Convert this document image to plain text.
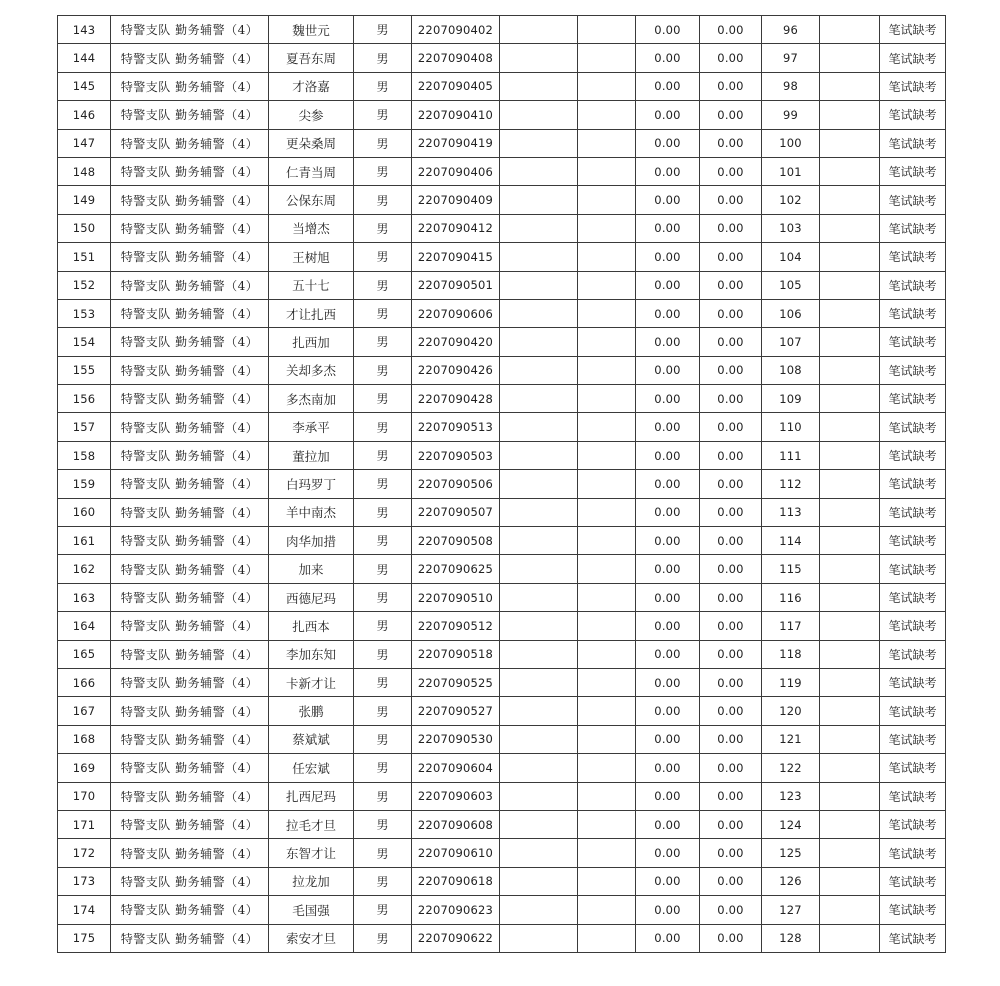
143	特警支队 勤务辅警（4）	魏世元	男	2207090402			0.00	0.00	96		笔试缺考
144	特警支队 勤务辅警（4）	夏吾东周	男	2207090408			0.00	0.00	97		笔试缺考
145	特警支队 勤务辅警（4）	才洛嘉	男	2207090405			0.00	0.00	98		笔试缺考
146	特警支队 勤务辅警（4）	尖参	男	2207090410			0.00	0.00	99		笔试缺考
147	特警支队 勤务辅警（4）	更朵桑周	男	2207090419			0.00	0.00	100		笔试缺考
148	特警支队 勤务辅警（4）	仁青当周	男	2207090406			0.00	0.00	101		笔试缺考
149	特警支队 勤务辅警（4）	公保东周	男	2207090409			0.00	0.00	102		笔试缺考
150	特警支队 勤务辅警（4）	当增杰	男	2207090412			0.00	0.00	103		笔试缺考
151	特警支队 勤务辅警（4）	王树旭	男	2207090415			0.00	0.00	104		笔试缺考
152	特警支队 勤务辅警（4）	五十七	男	2207090501			0.00	0.00	105		笔试缺考
153	特警支队 勤务辅警（4）	才让扎西	男	2207090606			0.00	0.00	106		笔试缺考
154	特警支队 勤务辅警（4）	扎西加	男	2207090420			0.00	0.00	107		笔试缺考
155	特警支队 勤务辅警（4）	关却多杰	男	2207090426			0.00	0.00	108		笔试缺考
156	特警支队 勤务辅警（4）	多杰南加	男	2207090428			0.00	0.00	109		笔试缺考
157	特警支队 勤务辅警（4）	李承平	男	2207090513			0.00	0.00	110		笔试缺考
158	特警支队 勤务辅警（4）	董拉加	男	2207090503			0.00	0.00	111		笔试缺考
159	特警支队 勤务辅警（4）	白玛罗丁	男	2207090506			0.00	0.00	112		笔试缺考
160	特警支队 勤务辅警（4）	羊中南杰	男	2207090507			0.00	0.00	113		笔试缺考
161	特警支队 勤务辅警（4）	肉华加措	男	2207090508			0.00	0.00	114		笔试缺考
162	特警支队 勤务辅警（4）	加来	男	2207090625			0.00	0.00	115		笔试缺考
163	特警支队 勤务辅警（4）	西德尼玛	男	2207090510			0.00	0.00	116		笔试缺考
164	特警支队 勤务辅警（4）	扎西本	男	2207090512			0.00	0.00	117		笔试缺考
165	特警支队 勤务辅警（4）	李加东知	男	2207090518			0.00	0.00	118		笔试缺考
166	特警支队 勤务辅警（4）	卡新才让	男	2207090525			0.00	0.00	119		笔试缺考
167	特警支队 勤务辅警（4）	张鹏	男	2207090527			0.00	0.00	120		笔试缺考
168	特警支队 勤务辅警（4）	蔡斌斌	男	2207090530			0.00	0.00	121		笔试缺考
169	特警支队 勤务辅警（4）	任宏斌	男	2207090604			0.00	0.00	122		笔试缺考
170	特警支队 勤务辅警（4）	扎西尼玛	男	2207090603			0.00	0.00	123		笔试缺考
171	特警支队 勤务辅警（4）	拉毛才旦	男	2207090608			0.00	0.00	124		笔试缺考
172	特警支队 勤务辅警（4）	东智才让	男	2207090610			0.00	0.00	125		笔试缺考
173	特警支队 勤务辅警（4）	拉龙加	男	2207090618			0.00	0.00	126		笔试缺考
174	特警支队 勤务辅警（4）	毛国强	男	2207090623			0.00	0.00	127		笔试缺考
175	特警支队 勤务辅警（4）	索安才旦	男	2207090622			0.00	0.00	128		笔试缺考
